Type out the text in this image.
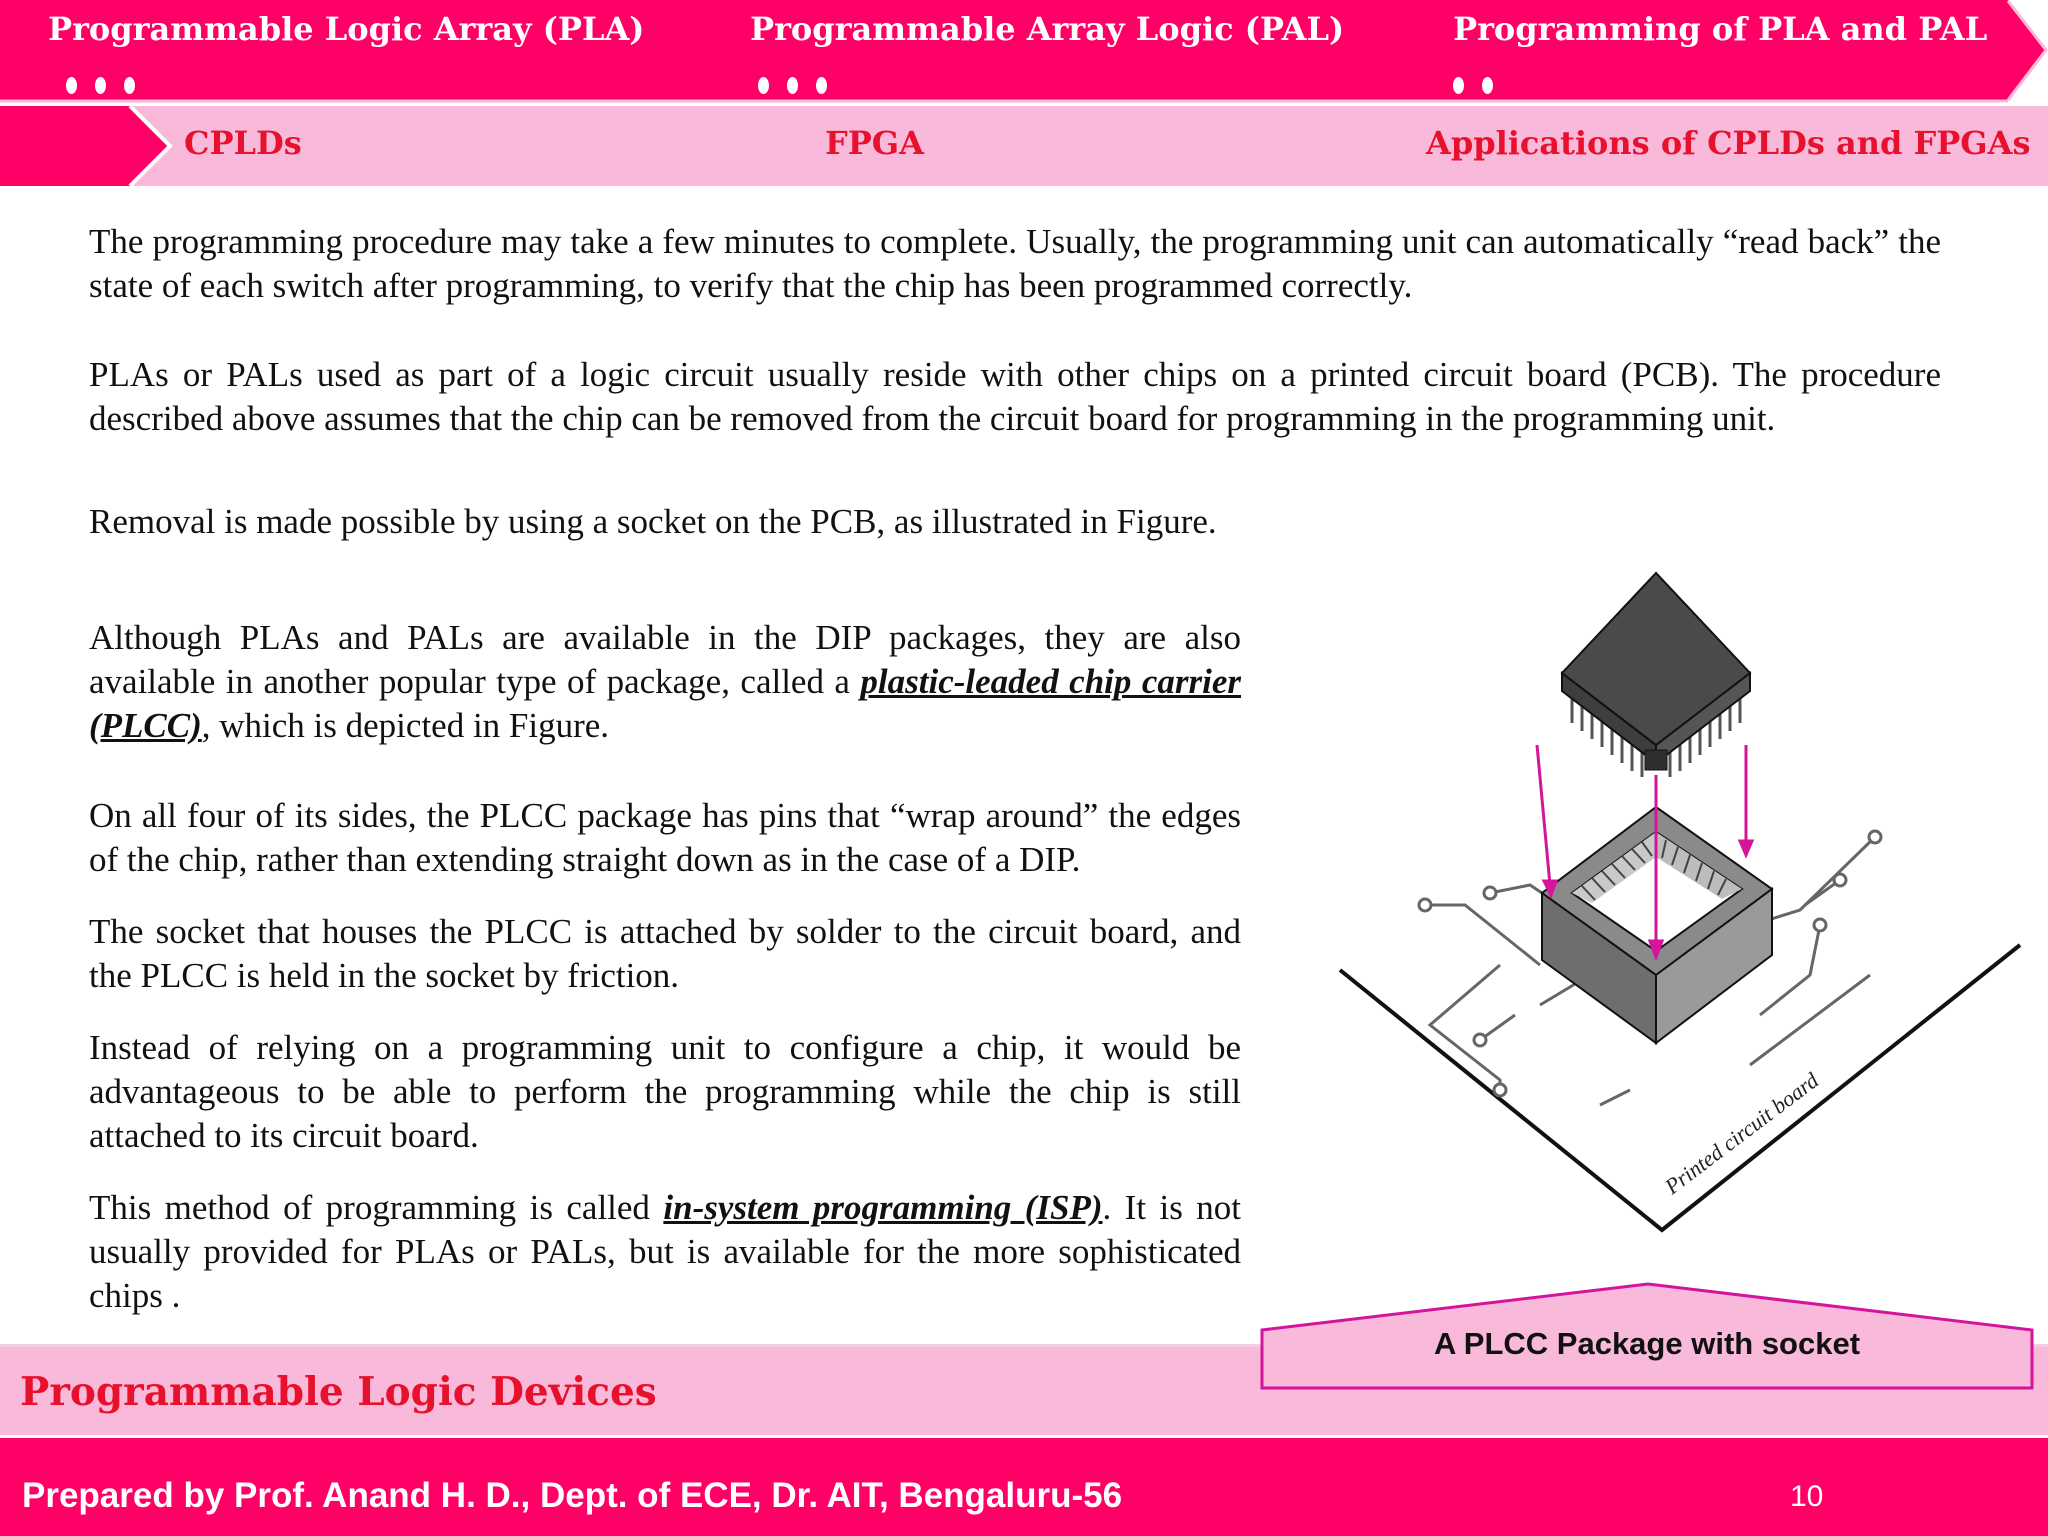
Programmable Logic Array (PLA)	Programmable Array Logic (PAL)	Programming of PLA and PAL
CPLDs	FPGA	Applications of CPLDs and FPGAs

The programming procedure may take a few minutes to complete. Usually, the programming unit can automatically “read back” the state of each switch after programming, to verify that the chip has been programmed correctly.

PLAs or PALs used as part of a logic circuit usually reside with other chips on a printed circuit board (PCB). The procedure described above assumes that the chip can be removed from the circuit board for programming in the programming unit.

Removal is made possible by using a socket on the PCB, as illustrated in Figure.

Although PLAs and PALs are available in the DIP packages, they are also available in another popular type of package, called a plastic-leaded chip carrier (PLCC), which is depicted in Figure.

On all four of its sides, the PLCC package has pins that “wrap around” the edges of the chip, rather than extending straight down as in the case of a DIP.

The socket that houses the PLCC is attached by solder to the circuit board, and the PLCC is held in the socket by friction.

Instead of relying on a programming unit to configure a chip, it would be advantageous to be able to perform the programming while the chip is still attached to its circuit board.

This method of programming is called in-system programming (ISP). It is not usually provided for PLAs or PALs, but is available for the more sophisticated chips .

Printed circuit board
Programmable Logic Devices
A PLCC Package with socket
Prepared by Prof. Anand H. D., Dept. of ECE, Dr. AIT, Bengaluru-56	10
